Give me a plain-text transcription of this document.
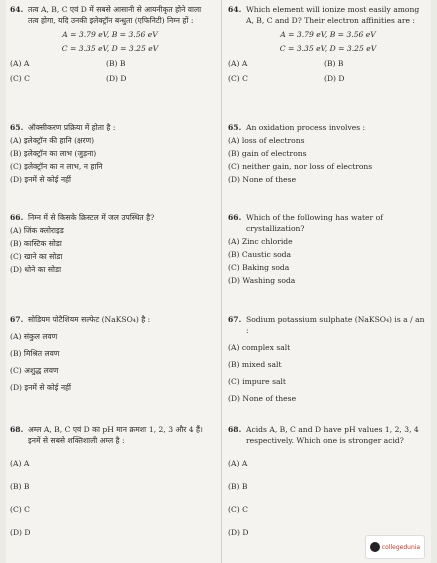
64. तत्व A, B, C एवं D में सबसे आसानी से आयनीकृत होने वाला तत्व होगा, यदि उनकी इलेक्ट्रॉन बन्धुता (एफिनिटी) निम्न हों :
A = 3.79 eV, B = 3.56 eV
C = 3.35 eV, D = 3.25 eV
(A) A	(B) B
(C) C	(D) D
64. Which element will ionize most easily among A, B, C and D? Their electron affinities are :
A = 3.79 eV, B = 3.56 eV
C = 3.35 eV, D = 3.25 eV
(A) A	(B) B
(C) C	(D) D
65. ऑक्सीकरण प्रक्रिया में होता है :
(A) इलेक्ट्रॉन की हानि (क्षरण)
(B) इलेक्ट्रॉन का लाभ (जुड़ना)
(C) इलेक्ट्रॉन का न लाभ, न हानि
(D) इनमें से कोई नहीं
65. An oxidation process involves :
(A) loss of electrons
(B) gain of electrons
(C) neither gain, nor loss of electrons
(D) None of these
66. निम्न में से किसके क्रिस्टल में जल उपस्थित है?
(A) जिंक क्लोराइड
(B) कास्टिक सोडा
(C) खाने का सोडा
(D) धोने का सोडा
66. Which of the following has water of crystallization?
(A) Zinc chloride
(B) Caustic soda
(C) Baking soda
(D) Washing soda
67. सोडियम पोटैशियम सल्फेट (NaKSO₄) है :
(A) संकुल लवण
(B) मिश्रित लवण
(C) अशुद्ध लवण
(D) इनमें से कोई नहीं
67. Sodium potassium sulphate (NaKSO₄) is a / an :
(A) complex salt
(B) mixed salt
(C) impure salt
(D) None of these
68. अम्ल A, B, C एवं D का pH मान क्रमशः 1, 2, 3 और 4 हैं। इनमें से सबसे शक्तिशाली अम्ल है :
(A) A
(B) B
(C) C
(D) D
68. Acids A, B, C and D have pH values 1, 2, 3, 4 respectively. Which one is stronger acid?
(A) A
(B) B
(C) C
(D) D
collegedunia
